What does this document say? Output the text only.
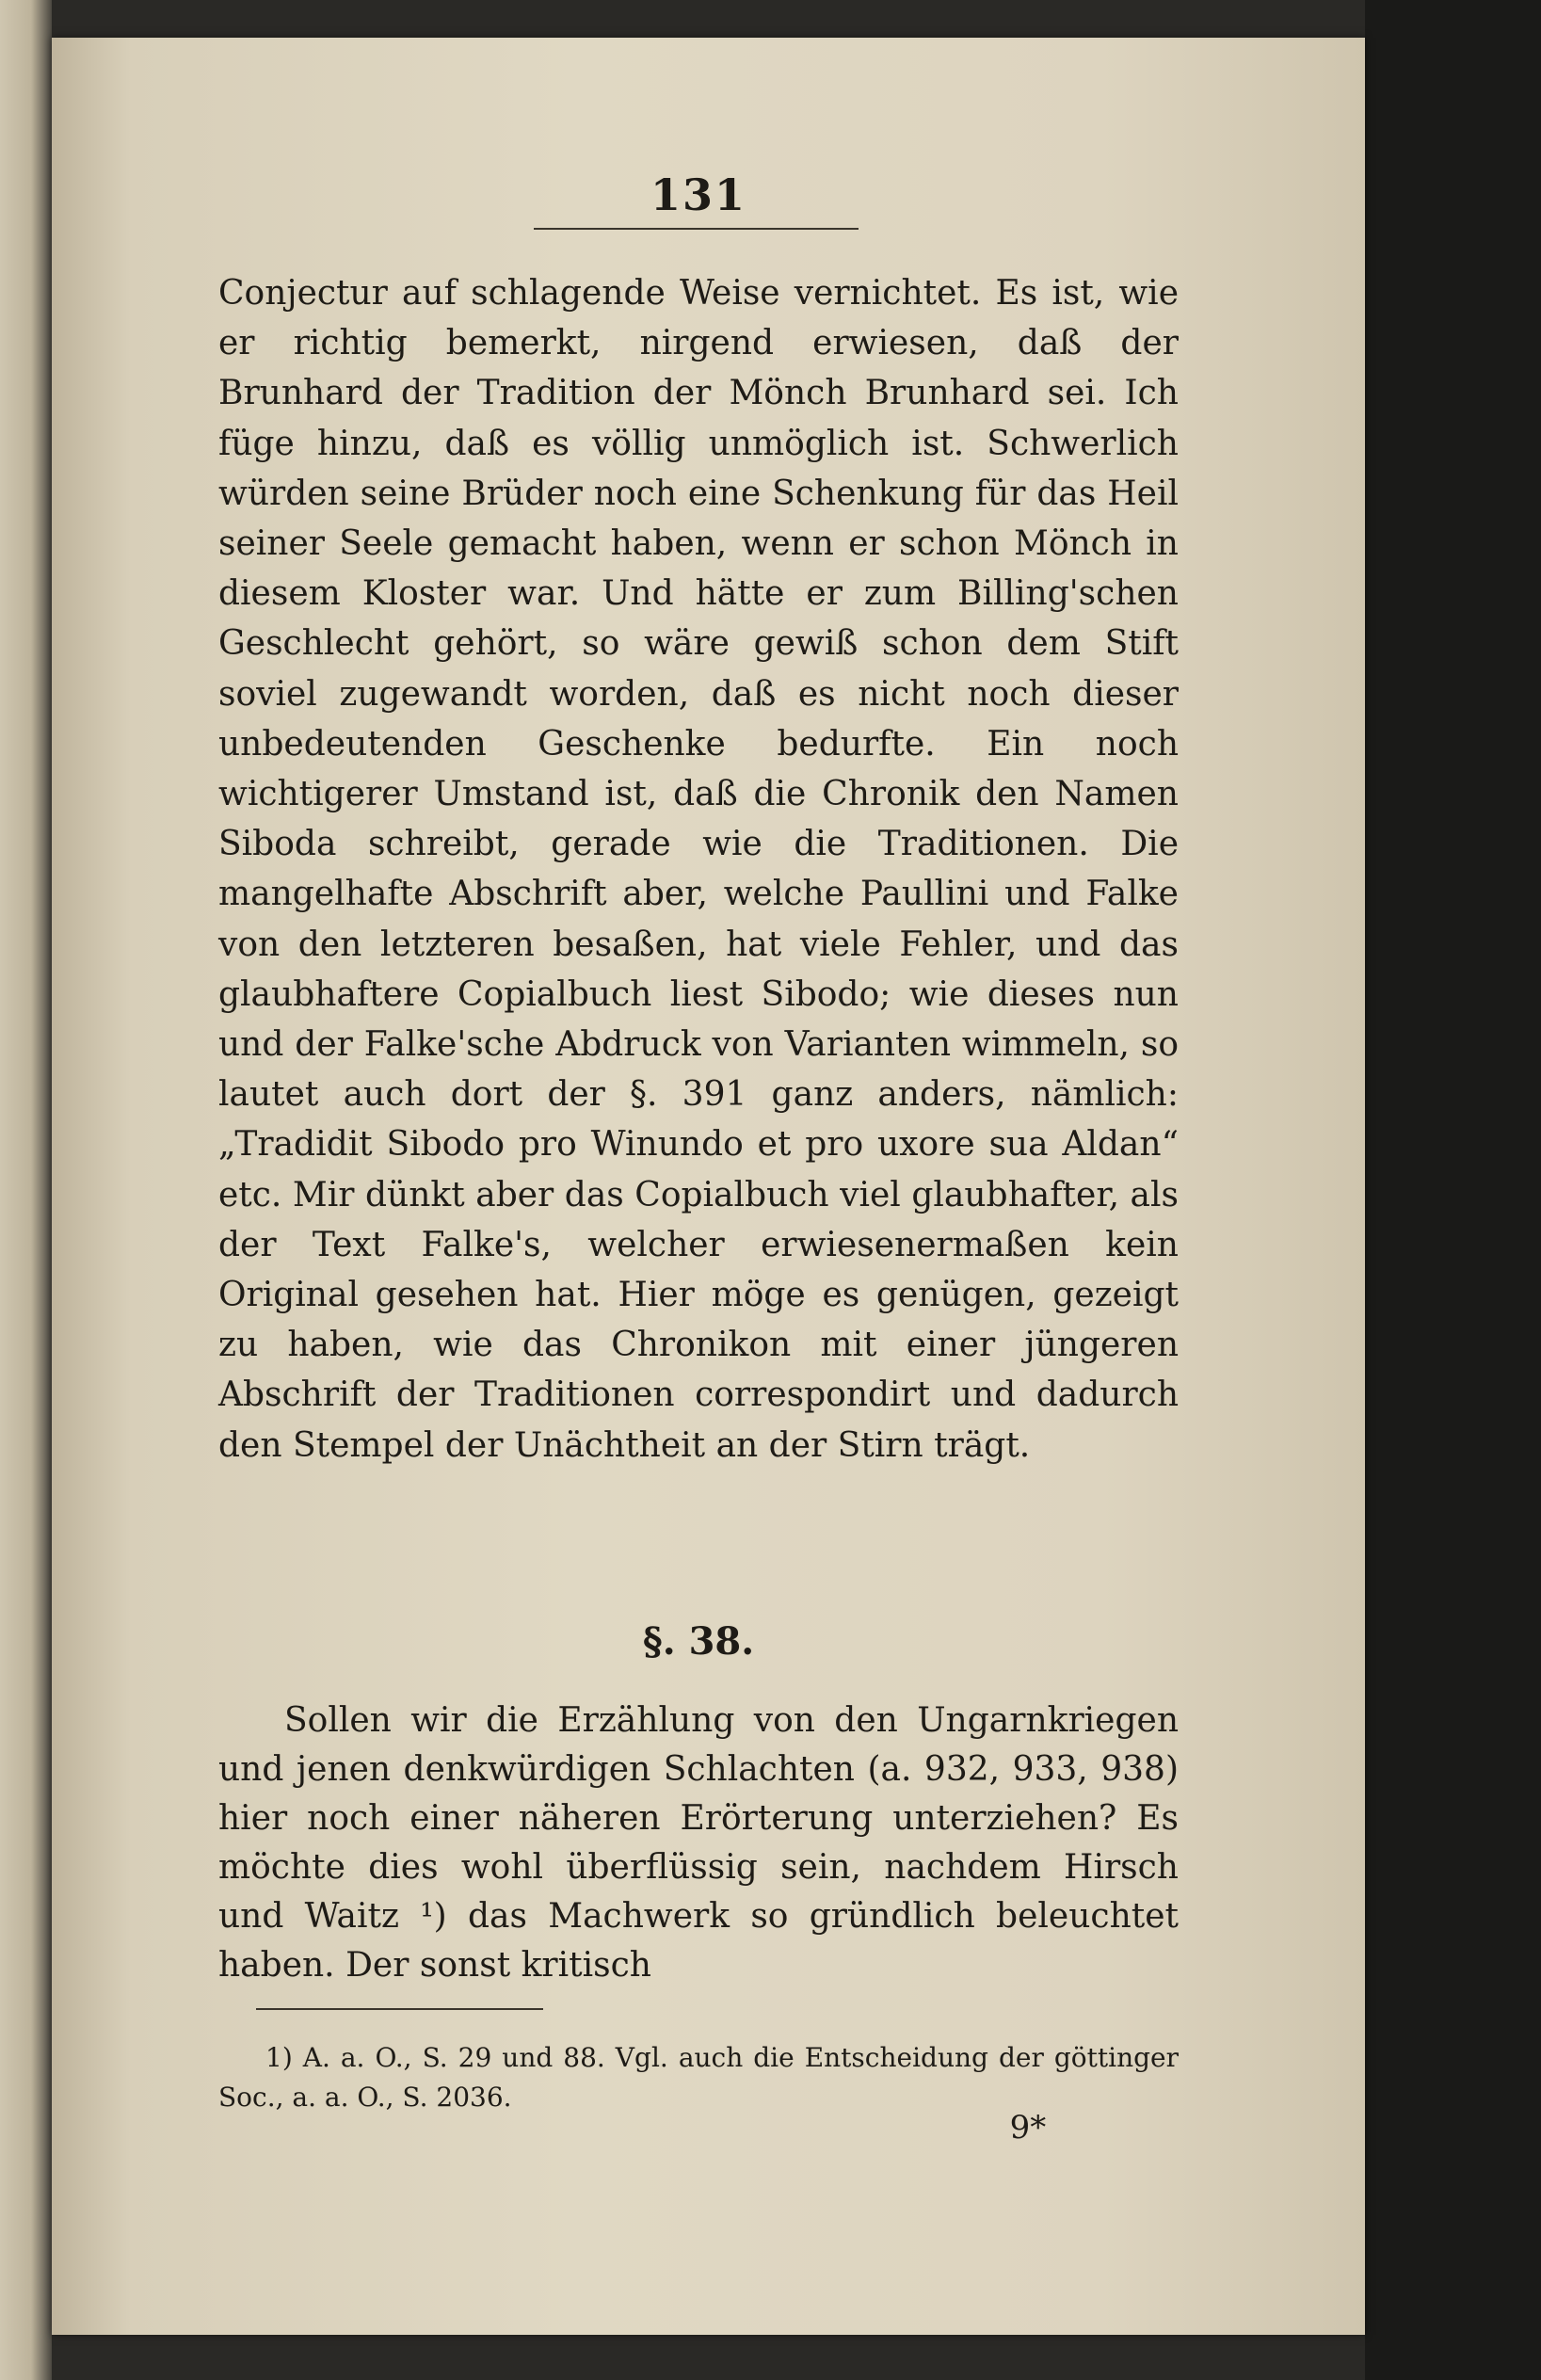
131

Conjectur auf schlagende Weise vernichtet. Es ist, wie er richtig bemerkt, nirgend erwiesen, daß der Brunhard der Tradition der Mönch Brunhard sei. Ich füge hinzu, daß es völlig unmöglich ist. Schwerlich würden seine Brüder noch eine Schenkung für das Heil seiner Seele gemacht haben, wenn er schon Mönch in diesem Kloster war. Und hätte er zum Billing'schen Geschlecht gehört, so wäre gewiß schon dem Stift soviel zugewandt worden, daß es nicht noch dieser unbedeutenden Geschenke bedurfte. Ein noch wichtigerer Umstand ist, daß die Chronik den Namen Siboda schreibt, gerade wie die Traditionen. Die mangelhafte Abschrift aber, welche Paullini und Falke von den letzteren besaßen, hat viele Fehler, und das glaubhaftere Copialbuch liest Sibodo; wie dieses nun und der Falke'sche Abdruck von Varianten wimmeln, so lautet auch dort der §. 391 ganz anders, nämlich: „Tradidit Sibodo pro Winundo et pro uxore sua Aldan“ etc. Mir dünkt aber das Copialbuch viel glaubhafter, als der Text Falke's, welcher erwiesenermaßen kein Original gesehen hat. Hier möge es genügen, gezeigt zu haben, wie das Chronikon mit einer jüngeren Abschrift der Traditionen correspondirt und dadurch den Stempel der Unächtheit an der Stirn trägt.

§. 38.

Sollen wir die Erzählung von den Ungarnkriegen und jenen denkwürdigen Schlachten (a. 932, 933, 938) hier noch einer näheren Erörterung unterziehen? Es möchte dies wohl überflüssig sein, nachdem Hirsch und Waitz ¹) das Machwerk so gründlich beleuchtet haben. Der sonst kritisch

1) A. a. O., S. 29 und 88. Vgl. auch die Entscheidung der göttinger Soc., a. a. O., S. 2036.

9*
